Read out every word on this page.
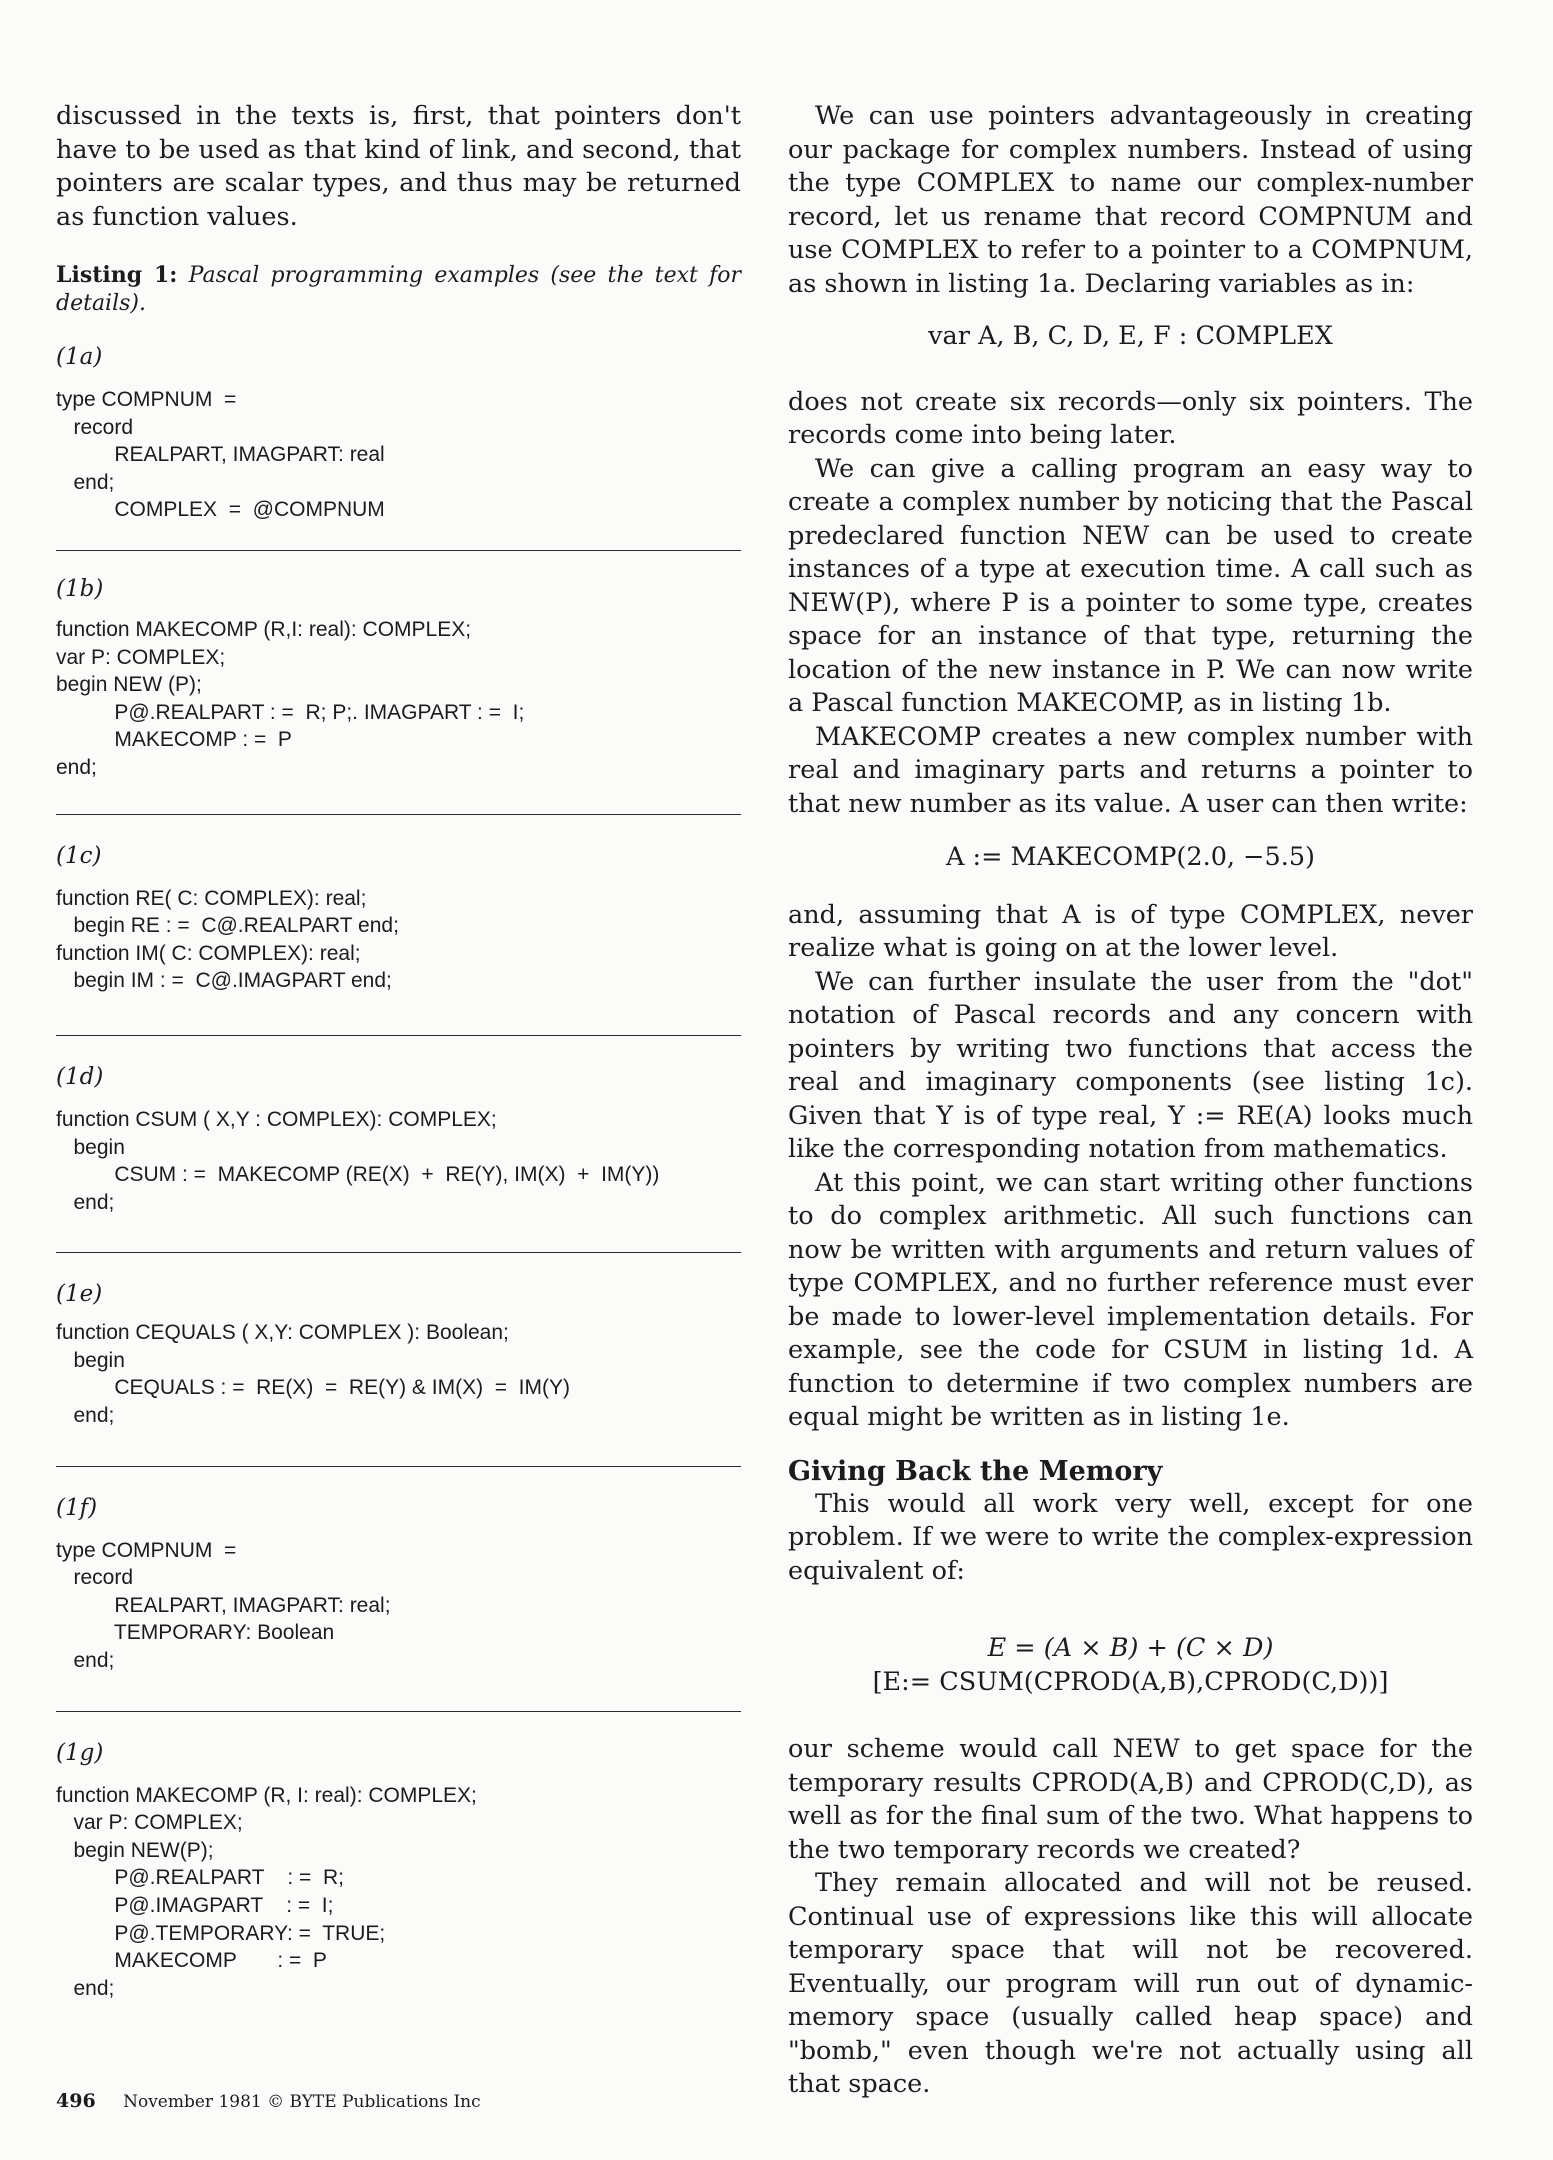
discussed in the texts is, first, that pointers don't have to be used as that kind of link, and second, that pointers are scalar types, and thus may be returned as function values.

Listing 1: Pascal programming examples (see the text for details).

(1a)

type COMPNUM  =
record
REALPART, IMAGPART: real
end;
COMPLEX  =  @COMPNUM

(1b)

function MAKECOMP (R,I: real): COMPLEX;
var P: COMPLEX;
begin NEW (P);
P@.REALPART : =  R; P;. IMAGPART : =  I;
MAKECOMP : =  P
end;

(1c)

function RE( C: COMPLEX): real;
begin RE : =  C@.REALPART end;
function IM( C: COMPLEX): real;
begin IM : =  C@.IMAGPART end;

(1d)

function CSUM ( X,Y : COMPLEX): COMPLEX;
begin
CSUM : =  MAKECOMP (RE(X)  +  RE(Y), IM(X)  +  IM(Y))
end;

(1e)

function CEQUALS ( X,Y: COMPLEX ): Boolean;
begin
CEQUALS : =  RE(X)  =  RE(Y) & IM(X)  =  IM(Y)
end;

(1f)

type COMPNUM  =
record
REALPART, IMAGPART: real;
TEMPORARY: Boolean
end;

(1g)

function MAKECOMP (R, I: real): COMPLEX;
var P: COMPLEX;
begin NEW(P);
P@.REALPART    : =  R;
P@.IMAGPART    : =  I;
P@.TEMPORARY: =  TRUE;
MAKECOMP       : =  P
end;

We can use pointers advantageously in creating our package for complex numbers. Instead of using the type COMPLEX to name our complex-number record, let us rename that record COMPNUM and use COMPLEX to refer to a pointer to a COMPNUM, as shown in listing 1a. Declaring variables as in:

var A, B, C, D, E, F : COMPLEX

does not create six records—only six pointers. The records come into being later.

We can give a calling program an easy way to create a complex number by noticing that the Pascal predeclared function NEW can be used to create instances of a type at execution time. A call such as NEW(P), where P is a pointer to some type, creates space for an instance of that type, returning the location of the new instance in P. We can now write a Pascal function MAKECOMP, as in listing 1b.

MAKECOMP creates a new complex number with real and imaginary parts and returns a pointer to that new number as its value. A user can then write:

A := MAKECOMP(2.0, −5.5)

and, assuming that A is of type COMPLEX, never realize what is going on at the lower level.

We can further insulate the user from the "dot" notation of Pascal records and any concern with pointers by writing two functions that access the real and imaginary components (see listing 1c). Given that Y is of type real, Y := RE(A) looks much like the corresponding notation from mathematics.

At this point, we can start writing other functions to do complex arithmetic. All such functions can now be written with arguments and return values of type COMPLEX, and no further reference must ever be made to lower-level implementation details. For example, see the code for CSUM in listing 1d. A function to determine if two complex numbers are equal might be written as in listing 1e.

Giving Back the Memory

This would all work very well, except for one problem. If we were to write the complex-expression equivalent of:

E = (A × B) + (C × D)

[E:= CSUM(CPROD(A,B),CPROD(C,D))]

our scheme would call NEW to get space for the temporary results CPROD(A,B) and CPROD(C,D), as well as for the final sum of the two. What happens to the two temporary records we created?

They remain allocated and will not be reused. Continual use of expressions like this will allocate temporary space that will not be recovered. Eventually, our program will run out of dynamic-memory space (usually called heap space) and "bomb," even though we're not actually using all that space.

496 November 1981 © BYTE Publications Inc
